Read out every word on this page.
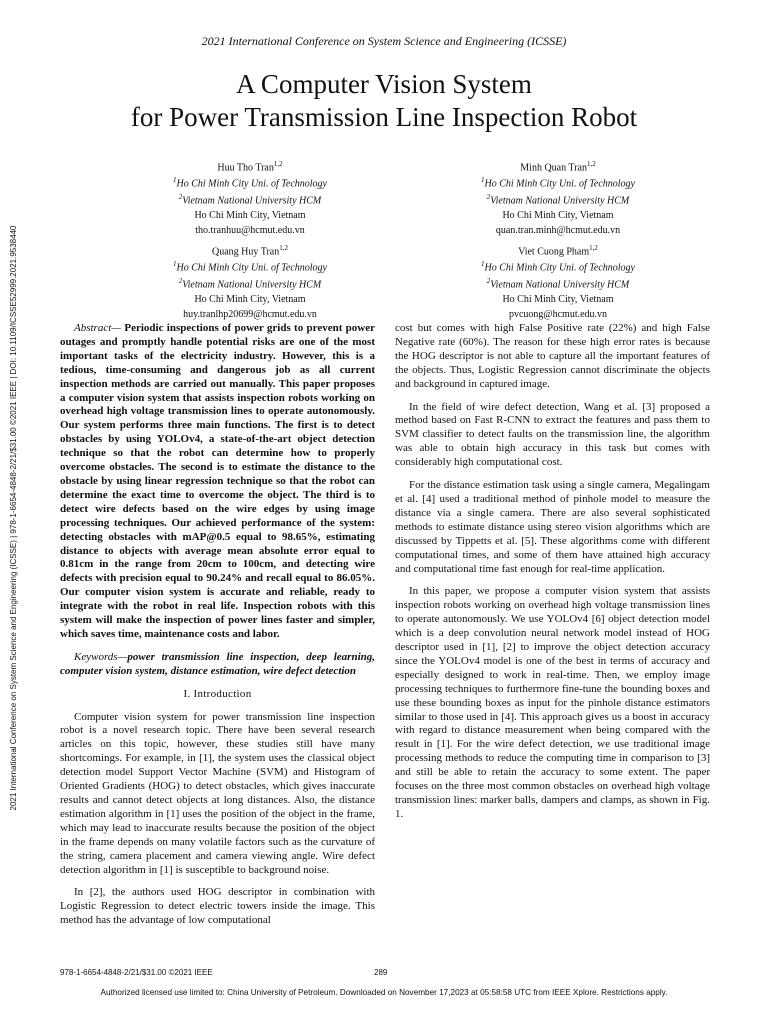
2021 International Conference on System Science and Engineering (ICSSE)
A Computer Vision System
for Power Transmission Line Inspection Robot
Huu Tho Tran$^{1,2}$
$^1$Ho Chi Minh City Uni. of Technology
$^2$Vietnam National University HCM
Ho Chi Minh City, Vietnam
tho.tranhuu@hcmut.edu.vn
Minh Quan Tran$^{1,2}$
$^1$Ho Chi Minh City Uni. of Technology
$^2$Vietnam National University HCM
Ho Chi Minh City, Vietnam
quan.tran.minh@hcmut.edu.vn
Quang Huy Tran$^{1,2}$
$^1$Ho Chi Minh City Uni. of Technology
$^2$Vietnam National University HCM
Ho Chi Minh City, Vietnam
huy.tranlhp20699@hcmut.edu.vn
Viet Cuong Pham$^{1,2}$
$^1$Ho Chi Minh City Uni. of Technology
$^2$Vietnam National University HCM
Ho Chi Minh City, Vietnam
pvcuong@hcmut.edu.vn
2021 International Conference on System Science and Engineering (ICSSE) | 978-1-6654-4848-2/21/$31.00 ©2021 IEEE | DOI: 10.1109/ICSSE52999.2021.9538440	Abstract— Periodic inspections of power grids to prevent power outages and promptly handle potential risks are one of the most important tasks of the electricity industry. However, this is a tedious, time-consuming and dangerous job as all current inspection methods are carried out manually. This paper proposes a computer vision system that assists inspection robots working on overhead high voltage transmission lines to operate autonomously. Our system performs three main functions. The first is to detect obstacles by using YOLOv4, a state-of-the-art object detection technique so that the robot can determine how to properly overcome obstacles. The second is to estimate the distance to the obstacle by using linear regression technique so that the robot can determine the exact time to overcome the object. The third is to detect wire defects based on the wire edges by using image processing techniques. Our achieved performance of the system: detecting obstacles with mAP@0.5 equal to 98.65%, estimating distance to objects with average mean absolute error equal to 0.81cm in the range from 20cm to 100cm, and detecting wire defects with precision equal to 90.24% and recall equal to 86.05%. Our computer vision system is accurate and reliable, ready to integrate with the robot in real life. Inspection robots with this system will make the inspection of power lines faster and simpler, which saves time, maintenance costs and labor.

Keywords—power transmission line inspection, deep learning, computer vision system, distance estimation, wire defect detection

I. Introduction

Computer vision system for power transmission line inspection robot is a novel research topic. There have been several research articles on this topic, however, these studies still have many shortcomings. For example, in [1], the system uses the classical object detection model Support Vector Machine (SVM) and Histogram of Oriented Gradients (HOG) to detect obstacles, which gives inaccurate results and cannot detect objects at long distances. Also, the distance estimation algorithm in [1] uses the position of the object in the frame, which may lead to inaccurate results because the position of the object in the frame depends on many volatile factors such as the curvature of the string, camera placement and camera viewing angle. Wire defect detection algorithm in [1] is susceptible to background noise.

In [2], the authors used HOG descriptor in combination with Logistic Regression to detect electric towers inside the image. This method has the advantage of low computational

cost but comes with high False Positive rate (22%) and high False Negative rate (60%). The reason for these high error rates is because the HOG descriptor is not able to capture all the important features of the objects. Thus, Logistic Regression cannot discriminate the objects and background in captured image.

In the field of wire defect detection, Wang et al. [3] proposed a method based on Fast R-CNN to extract the features and pass them to SVM classifier to detect faults on the transmission line, the algorithm was able to obtain high accuracy in this task but comes with considerably high computational cost.

For the distance estimation task using a single camera, Megalingam et al. [4] used a traditional method of pinhole model to measure the distance via a single camera. There are also several sophisticated methods to estimate distance using stereo vision algorithms which are discussed by Tippetts et al. [5]. These algorithms come with different computational times, and some of them have attained high accuracy and computational time fast enough for real-time application.

In this paper, we propose a computer vision system that assists inspection robots working on overhead high voltage transmission lines to operate autonomously. We use YOLOv4 [6] object detection model which is a deep convolution neural network model instead of HOG descriptor used in [1], [2] to improve the object detection accuracy since the YOLOv4 model is one of the best in terms of accuracy and especially designed to work in real-time. Then, we employ image processing techniques to furthermore fine-tune the bounding boxes and use these bounding boxes as input for the pinhole distance estimators similar to those used in [4]. This approach gives us a boost in accuracy with regard to distance measurement when being compared with the result in [1]. For the wire defect detection, we use traditional image processing methods to reduce the computing time in comparison to [3] and still be able to retain the accuracy to some extent. The paper focuses on the three most common obstacles on overhead high voltage transmission lines: marker balls, dampers and clamps, as shown in Fig. 1.

978-1-6654-4848-2/21/$31.00 ©2021 IEEE	289
Authorized licensed use limited to: China University of Petroleum. Downloaded on November 17,2023 at 05:58:58 UTC from IEEE Xplore. Restrictions apply.
